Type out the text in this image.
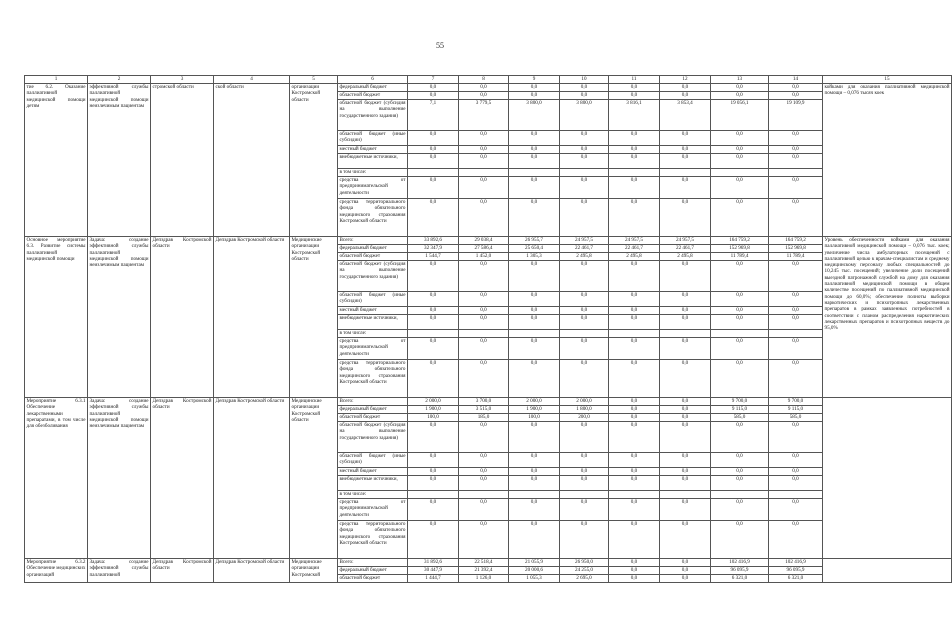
55
1	2	3	4	5	6	7	8	9	10	11	12	13	14	15
тие 6.2. Оказание паллиативной медицинской помощи детям	эффективной службы паллиативной медицинской помощи неизлечимым пациентам	стромской области	ской области	организации Костромской области	федеральный бюджет	0,0	0,0	0,0	0,0	0,0	0,0	0,0	0,0	койками для оказания паллиативной медицинской помощи – 0,076 тысяч коек
					областной бюджет	0,0	0,0	0,0	0,0	0,0	0,0	0,0	0,0	
					областной бюджет (субсидия на выполнение государственного задания)	7,1	3 779,5	3 800,0	3 800,0	3 816,1	3 853,4	19 056,1	19 109,9	
					областной бюджет (иные субсидии)	0,0	0,0	0,0	0,0	0,0	0,0	0,0	0,0	
					местный бюджет	0,0	0,0	0,0	0,0	0,0	0,0	0,0	0,0	
					внебюджетные источники,	0,0	0,0	0,0	0,0	0,0	0,0	0,0	0,0	
					в том числе:									
					средства от предпринимательской деятельности	0,0	0,0	0,0	0,0	0,0	0,0	0,0	0,0	
					средства территориального фонда обязательного медицинского страхования Костромской области	0,0	0,0	0,0	0,0	0,0	0,0	0,0	0,0	
Основное мероприятие 6.3. Развитие системы паллиативной медицинской помощи	Задача: создание эффективной службы паллиативной медицинской помощи неизлечимым пациентам	Депздрав Костромской области	Депздрав Костромской области	Медицинские организации Костромской области	Всего:	33 892,6	29 038,4	26 955,7	24 957,5	24 957,5	24 957,5	164 759,2	164 759,2	Уровень обеспеченности койками для оказания паллиативной медицинской помощи – 0,076 тыс. коек; увеличение числа амбулаторных посещений с паллиативной целью к врачам-специалистам и среднему медицинскому персоналу любых специальностей до 10,245 тыс. посещений; увеличение доли посещений выездной патронажной службой на дому для оказания паллиативной медицинской помощи в общем количестве посещений по паллиативной медицинской помощи до 60,0%; обеспечение полноты выборки наркотических и психотропных лекарственных препаратов в рамках заявленных потребностей в соответствии с планом распределения наркотических лекарственных препаратов и психотропных веществ до 95,0%
					федеральный бюджет	32 347,9	27 586,4	25 650,4	22 461,7	22 461,7	22 461,7	152 969,8	152 969,8	
					областной бюджет	1 544,7	1 452,0	1 305,3	2 495,8	2 495,8	2 495,8	11 789,4	11 789,4	
					областной бюджет (субсидия на выполнение государственного задания)	0,0	0,0	0,0	0,0	0,0	0,0	0,0	0,0	
					областной бюджет (иные субсидии)	0,0	0,0	0,0	0,0	0,0	0,0	0,0	0,0	
					местный бюджет	0,0	0,0	0,0	0,0	0,0	0,0	0,0	0,0	
					внебюджетные источники,	0,0	0,0	0,0	0,0	0,0	0,0	0,0	0,0	
					в том числе:									
					средства от предпринимательской деятельности	0,0	0,0	0,0	0,0	0,0	0,0	0,0	0,0	
					средства территориального фонда обязательного медицинского страхования Костромской области	0,0	0,0	0,0	0,0	0,0	0,0	0,0	0,0	
Мероприятие 6.3.1 Обеспечение лекарственными препаратами, в том числе для обезболивания	Задача: создание эффективной службы паллиативной медицинской помощи неизлечимым пациентам	Депздрав Костромской области	Депздрав Костромской области	Медицинские организации Костромской области	Всего:	2 000,0	3 700,0	2 000,0	2 000,0	0,0	0,0	9 700,0	9 700,0	
					федеральный бюджет	1 900,0	3 515,0	1 900,0	1 800,0	0,0	0,0	9 115,0	9 115,0	
					областной бюджет	100,0	185,0	100,0	200,0	0,0	0,0	585,0	585,0	
					областной бюджет (субсидия на выполнение государственного задания)	0,0	0,0	0,0	0,0	0,0	0,0	0,0	0,0	
					областной бюджет (иные субсидии)	0,0	0,0	0,0	0,0	0,0	0,0	0,0	0,0	
					местный бюджет	0,0	0,0	0,0	0,0	0,0	0,0	0,0	0,0	
					внебюджетные источники,	0,0	0,0	0,0	0,0	0,0	0,0	0,0	0,0	
					в том числе:									
					средства от предпринимательской деятельности	0,0	0,0	0,0	0,0	0,0	0,0	0,0	0,0	
					средства территориального фонда обязательного медицинского страхования Костромской области	0,0	0,0	0,0	0,0	0,0	0,0	0,0	0,0	
Мероприятие 6.3.2 Обеспечение медицинских организаций	Задача: создание эффективной службы паллиативной	Депздрав Костромской области	Депздрав Костромской области	Медицинские организации Костромской	Всего:	31 892,6	22 518,4	21 055,9	26 950,0	0,0	0,0	102 416,9	102 416,9	
					федеральный бюджет	30 447,9	21 392,4	20 000,6	24 255,0	0,0	0,0	96 095,9	96 095,9	
					областной бюджет	1 444,7	1 126,0	1 055,3	2 695,0	0,0	0,0	6 321,0	6 321,0	
